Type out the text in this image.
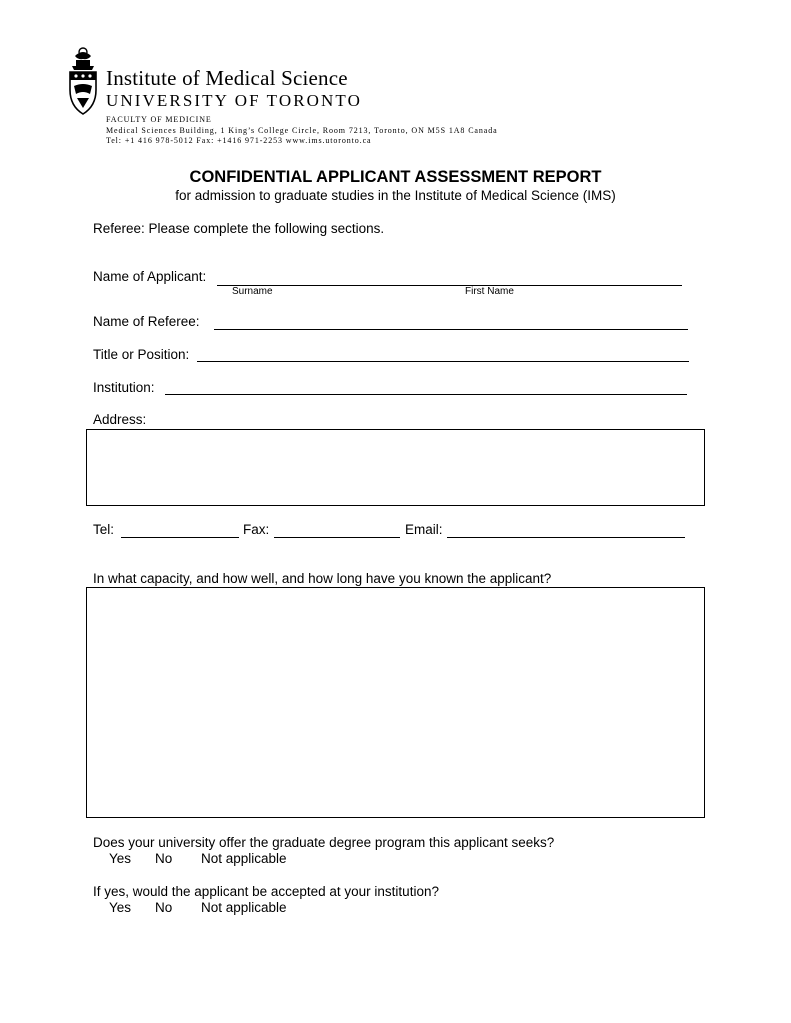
Institute of Medical Science
UNIVERSITY OF TORONTO
FACULTY OF MEDICINE
Medical Sciences Building, 1 King’s College Circle, Room 7213, Toronto, ON M5S 1A8 Canada
Tel: +1 416 978-5012 Fax: +1416 971-2253 www.ims.utoronto.ca
CONFIDENTIAL APPLICANT ASSESSMENT REPORT
for admission to graduate studies in the Institute of Medical Science (IMS)
Referee: Please complete the following sections.
Name of Applicant:
Surname	First Name
Name of Referee:
Title or Position:
Institution:
Address:
Tel:	Fax:	Email:
In what capacity, and how well, and how long have you known the applicant?
Does your university offer the graduate degree program this applicant seeks?
Yes No Not applicable
If yes, would the applicant be accepted at your institution?
Yes No Not applicable
